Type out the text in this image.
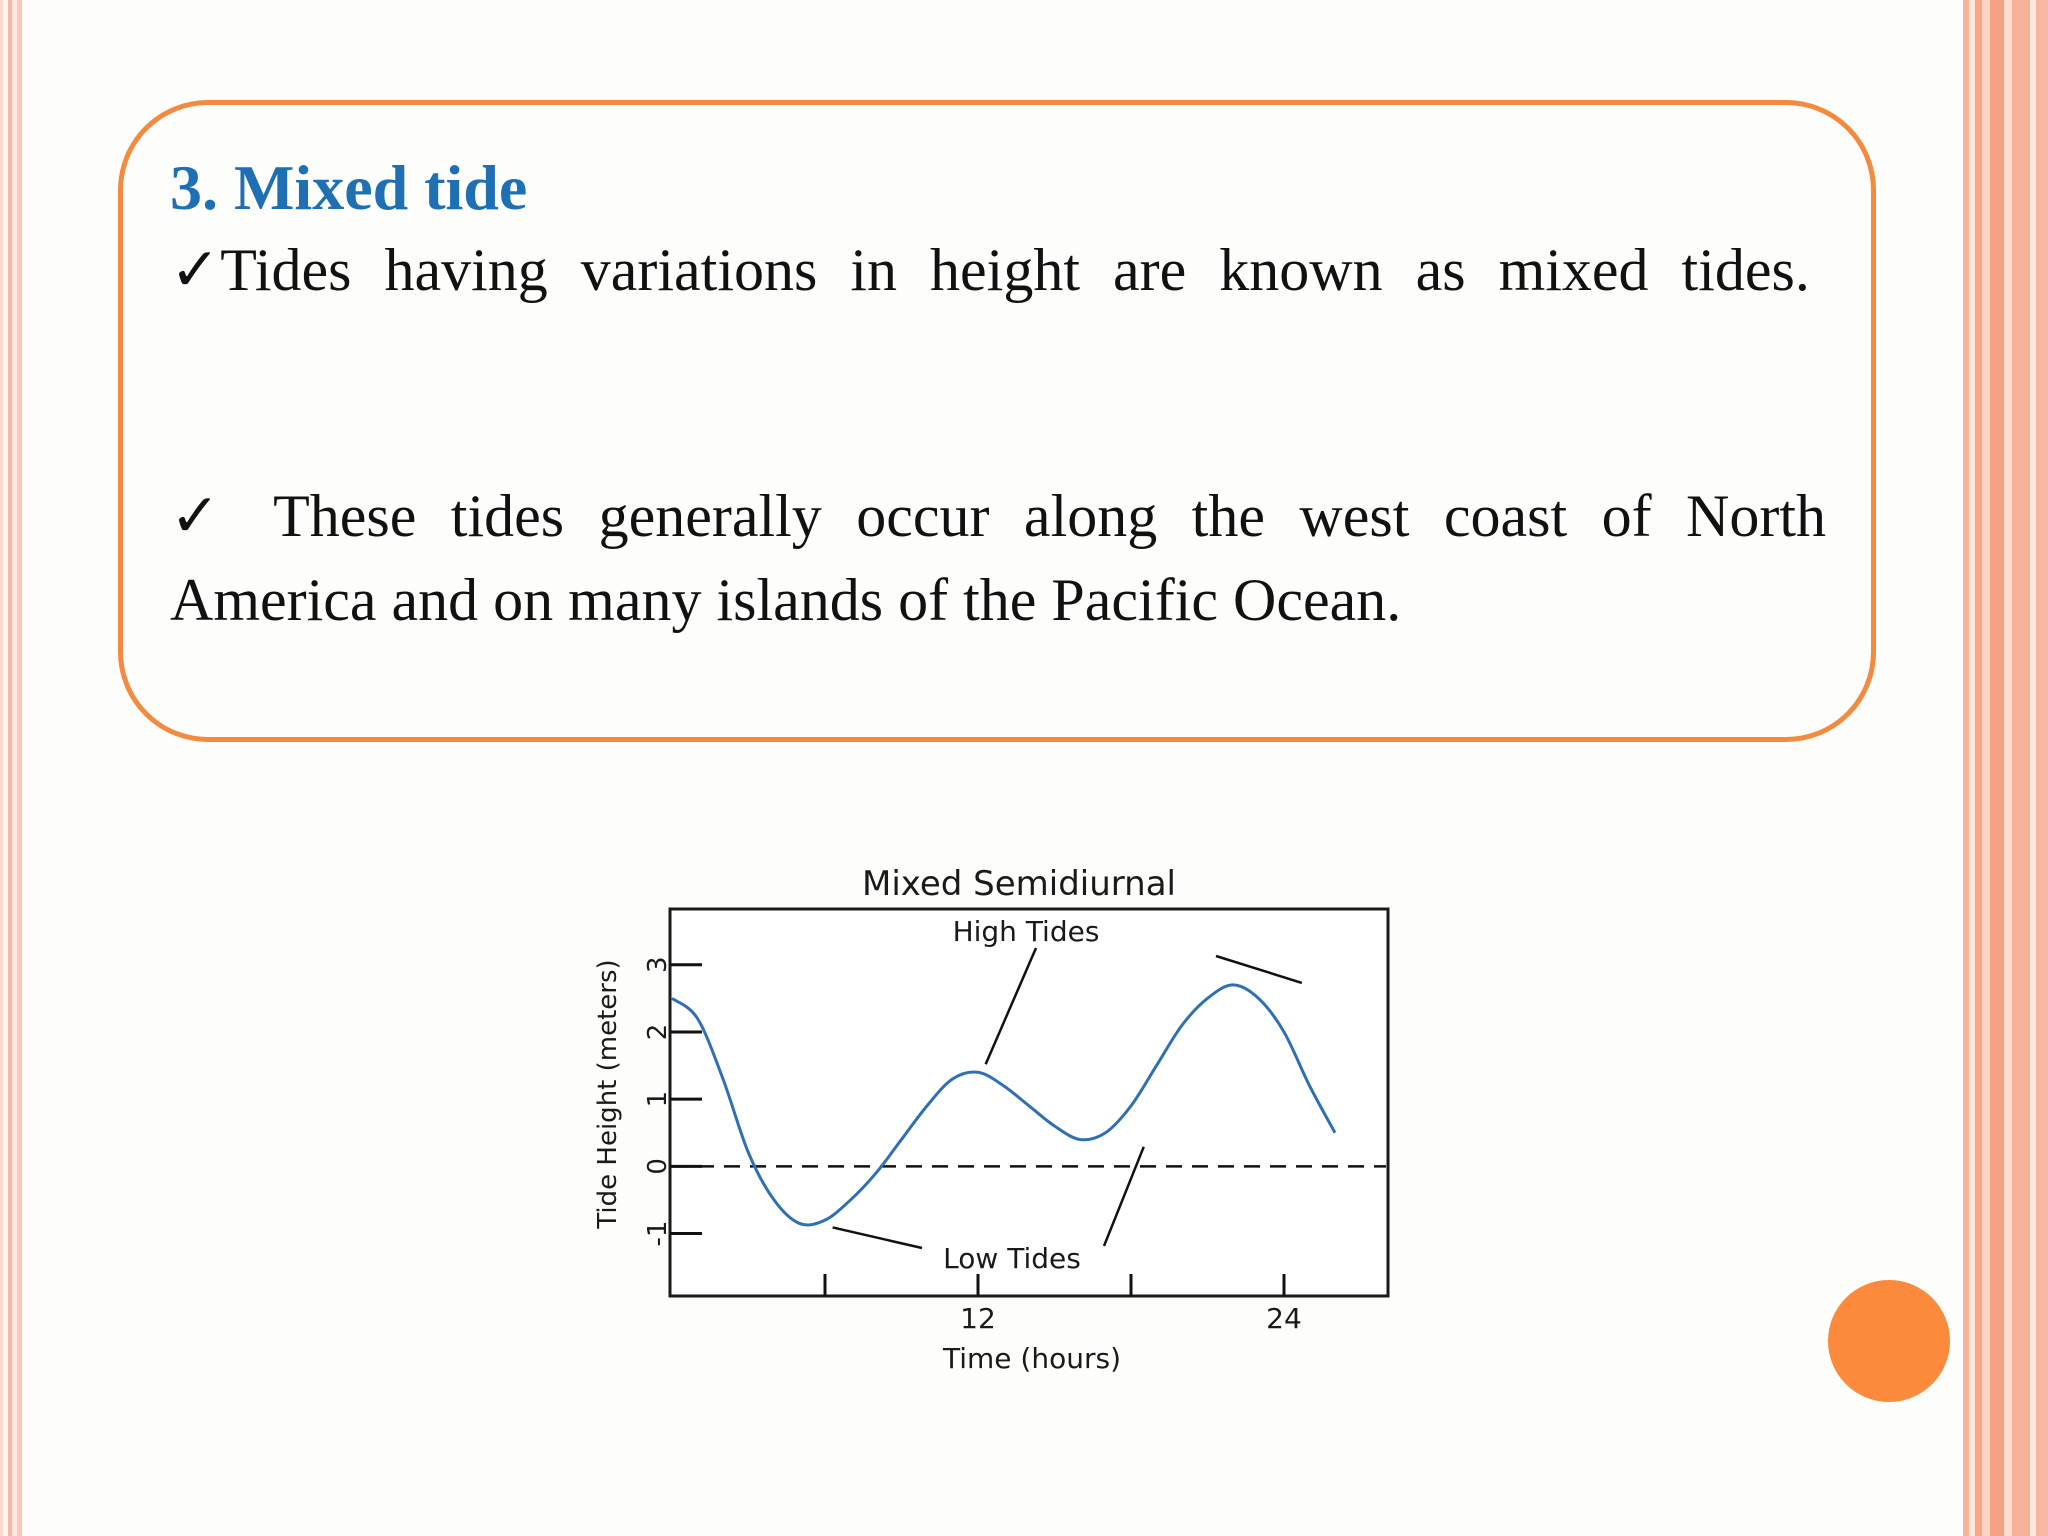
3. Mixed tide

✓Tides having variations in height are known as mixed tides.

✓ These tides generally occur along the west coast of North America and on many islands of the Pacific Ocean.

Mixed Semidiurnal
-1
0
1
2
3
12	24
High Tides
Low Tides
Time (hours)
Tide Height (meters)
